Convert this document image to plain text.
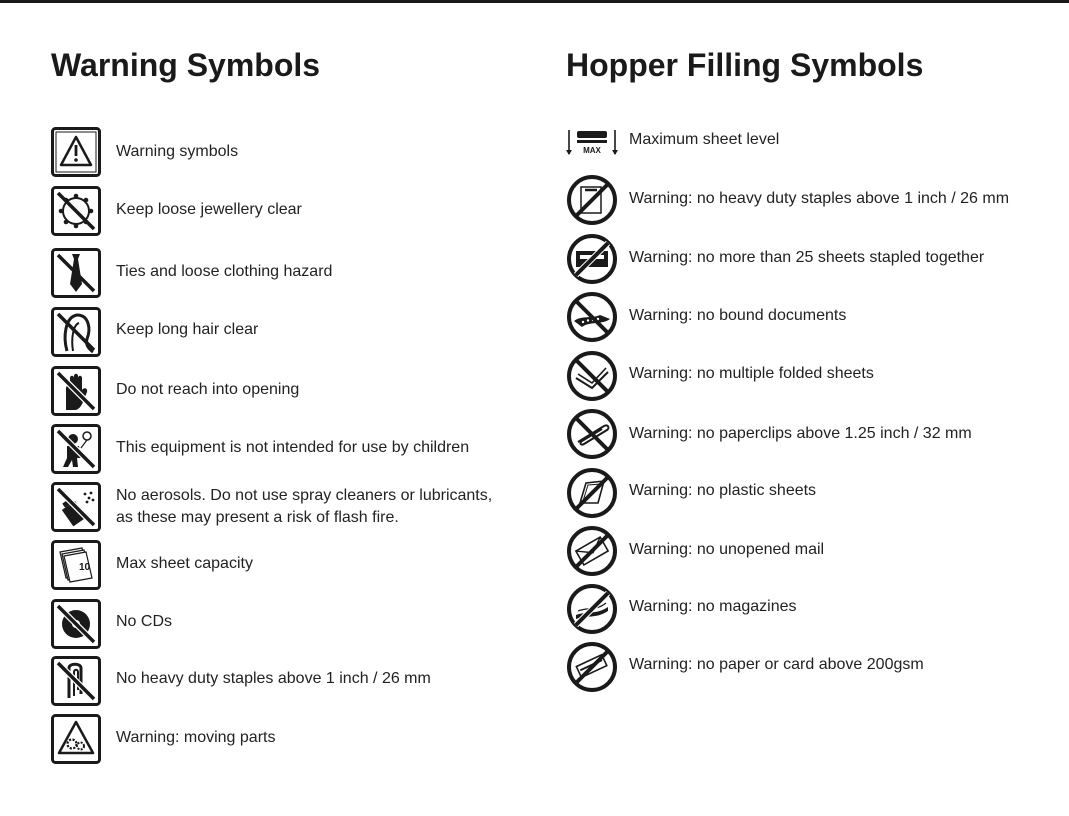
Warning Symbols
Warning symbols
Keep loose jewellery clear
Ties and loose clothing hazard
Keep long hair clear
Do not reach into opening
This equipment is not intended for use by children
No aerosols. Do not use spray cleaners or lubricants,
as these may present a risk of flash fire.
10 Max sheet capacity
No CDs
No heavy duty staples above 1 inch / 26 mm
Warning: moving parts
Hopper Filling Symbols
MAX
Maximum sheet level
Warning: no heavy duty staples above 1 inch / 26 mm
Warning: no more than 25 sheets stapled together
Warning: no bound documents
Warning: no multiple folded sheets
Warning: no paperclips above 1.25 inch / 32 mm
Warning: no plastic sheets
Warning: no unopened mail
Warning: no magazines
Warning: no paper or card above 200gsm
